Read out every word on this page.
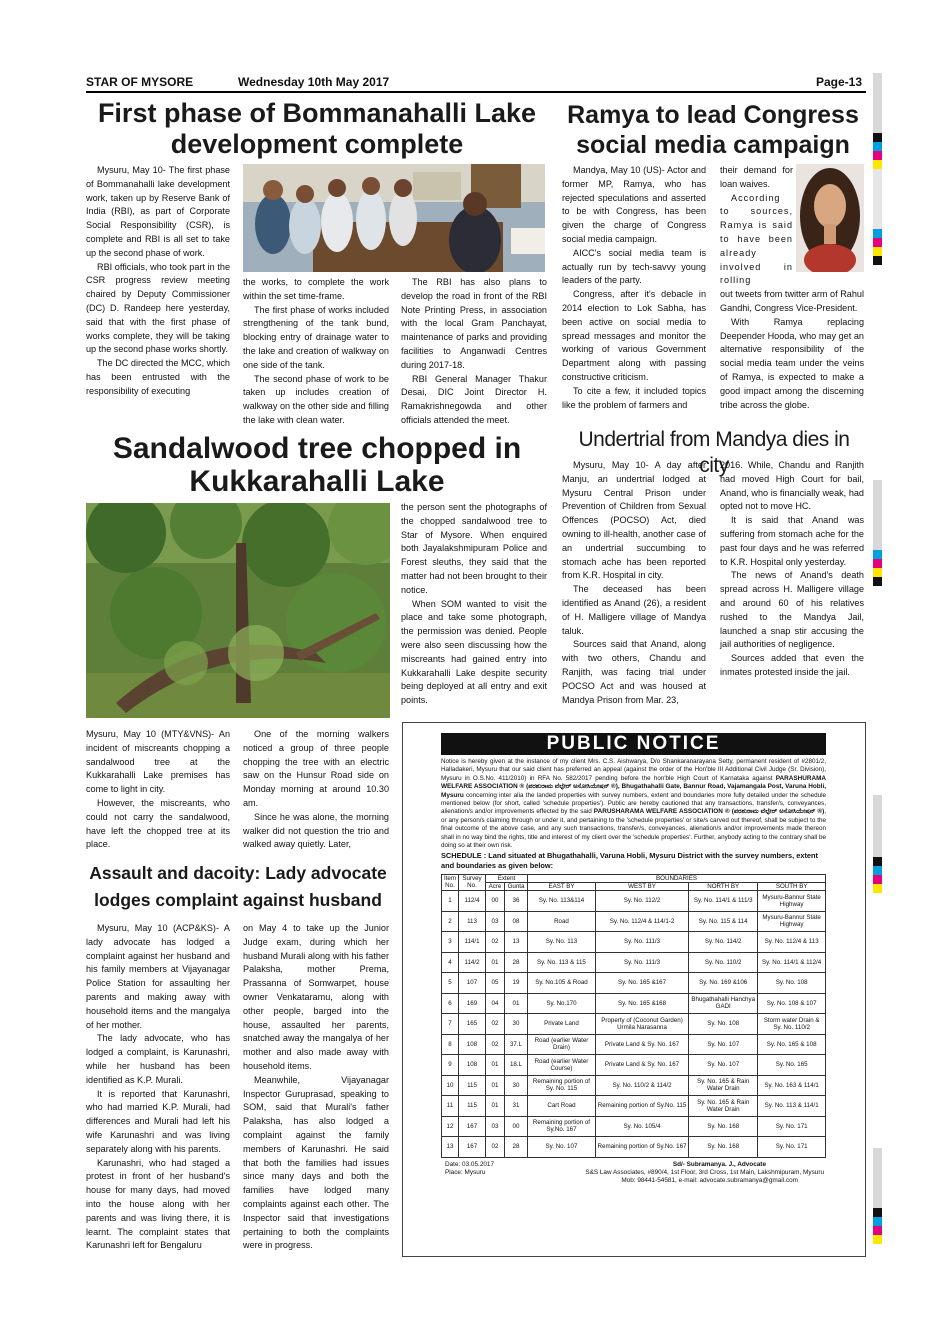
STAR OF MYSORE	Wednesday 10th May 2017	Page-13
First phase of Bommanahalli Lake
development complete

Mysuru, May 10- The first phase of Bommanahalli lake development work, taken up by Reserve Bank of India (RBI), as part of Corporate Social Responsibility (CSR), is complete and RBI is all set to take up the second phase of work.

RBI officials, who took part in the CSR progress review meeting chaired by Deputy Commissioner (DC) D. Randeep here yesterday, said that with the first phase of works complete, they will be taking up the second phase works shortly.

The DC directed the MCC, which has been entrusted with the responsibility of executing

the works, to complete the work within the set time-frame.

The first phase of works included strengthening of the tank bund, blocking entry of drainage water to the lake and creation of walkway on one side of the tank.

The second phase of work to be taken up includes creation of walkway on the other side and filling the lake with clean water.

The RBI has also plans to develop the road in front of the RBI Note Printing Press, in association with the local Gram Panchayat, maintenance of parks and providing facilities to Anganwadi Centres during 2017-18.

RBI General Manager Thakur Desai, DIC Joint Director H. Ramakrishnegowda and other officials attended the meet.

Ramya to lead Congress
social media campaign

Mandya, May 10 (US)- Actor and former MP, Ramya, who has rejected speculations and asserted to be with Congress, has been given the charge of Congress social media campaign.

AICC's social media team is actually run by tech-savvy young leaders of the party.

Congress, after it's debacle in 2014 election to Lok Sabha, has been active on social media to spread messages and monitor the working of various Government Department along with passing constructive criticism.

To cite a few, it included topics like the problem of farmers and

their demand for loan waives.

According to sources, Ramya is said to have been already involved in rolling

out tweets from twitter arm of Rahul Gandhi, Congress Vice-President.

With Ramya replacing Deepender Hooda, who may get an alternative responsibility of the social media team under the veins of Ramya, is expected to make a good impact among the discerning tribe across the globe.

Sandalwood tree chopped in
Kukkarahalli Lake

the person sent the photographs of the chopped sandalwood tree to Star of Mysore. When enquired both Jayalakshmipuram Police and Forest sleuths, they said that the matter had not been brought to their notice.

When SOM wanted to visit the place and take some photograph, the permission was denied. People were also seen discussing how the miscreants had gained entry into Kukkarahalli Lake despite security being deployed at all entry and exit points.

Mysuru, May 10 (MTY&VNS)- An incident of miscreants chopping a sandalwood tree at the Kukkarahalli Lake premises has come to light in city.

However, the miscreants, who could not carry the sandalwood, have left the chopped tree at its place.

One of the morning walkers noticed a group of three people chopping the tree with an electric saw on the Hunsur Road side on Monday morning at around 10.30 am.

Since he was alone, the morning walker did not question the trio and walked away quietly. Later,

Undertrial from Mandya dies in city

Mysuru, May 10- A day after Manju, an undertrial lodged at Mysuru Central Prison under Prevention of Children from Sexual Offences (POCSO) Act, died owning to ill-health, another case of an undertrial succumbing to stomach ache has been reported from K.R. Hospital in city.

The deceased has been identified as Anand (26), a resident of H. Malligere village of Mandya taluk.

Sources said that Anand, along with two others, Chandu and Ranjith, was facing trial under POCSO Act and was housed at Mandya Prison from Mar. 23,

2016. While, Chandu and Ranjith had moved High Court for bail, Anand, who is financially weak, had opted not to move HC.

It is said that Anand was suffering from stomach ache for the past four days and he was referred to K.R. Hospital only yesterday.

The news of Anand's death spread across H. Malligere village and around 60 of his relatives rushed to the Mandya Jail, launched a snap stir accusing the jail authorities of negligence.

Sources added that even the inmates protested inside the jail.

Assault and dacoity: Lady advocate
lodges complaint against husband

Mysuru, May 10 (ACP&KS)- A lady advocate has lodged a complaint against her husband and his family members at Vijayanagar Police Station for assaulting her parents and making away with household items and the mangalya of her mother.

The lady advocate, who has lodged a complaint, is Karunashri, while her husband has been identified as K.P. Murali.

It is reported that Karunashri, who had married K.P. Murali, had differences and Murali had left his wife Karunashri and was living separately along with his parents.

Karunashri, who had staged a protest in front of her husband's house for many days, had moved into the house along with her parents and was living there, it is learnt. The complaint states that Karunashri left for Bengaluru

on May 4 to take up the Junior Judge exam, during which her husband Murali along with his father Palaksha, mother Prema, Prassanna of Somwarpet, house owner Venkataramu, along with other people, barged into the house, assaulted her parents, snatched away the mangalya of her mother and also made away with household items.

Meanwhile, Vijayanagar Inspector Guruprasad, speaking to SOM, said that Murali's father Palaksha, has also lodged a complaint against the family members of Karunashri. He said that both the families had issues since many days and both the families have lodged many complaints against each other. The Inspector said that investigations pertaining to both the complaints were in progress.

PUBLIC NOTICE
Notice is hereby given at the instance of my client Mrs. C.S. Aishwarya, D/o Shankaranarayana Setty, permanent resident of #2801/2, Halladakeri, Mysuru that our said client has preferred an appeal (against the order of the Hon'ble III Additional Civil Judge (Sr. Division), Mysuru in O.S.No. 411/2010) in RFA No. 582/2017 pending before the hon'ble High Court of Karnataka against PARASHURAMA WELFARE ASSOCIATION ® (ಪರಶುರಾಮ ವೆಲ್ಫೇರ್ ಅಸೋಸಿಯೇಷನ್ ®), Bhugathahalli Gate, Bannur Road, Vajamangala Post, Varuna Hobli, Mysuru concerning inter alia the landed properties with survey numbers, extent and boundaries more fully detailed under the schedule mentioned below (for short, called 'schedule properties'). Public are hereby cautioned that any transactions, transfer/s, conveyances, alienation/s and/or improvements effected by the said PARUSHARAMA WELFARE ASSOCIATION ® (ಪರಶುರಾಮ ವೆಲ್ಫೇರ್ ಅಸೋಸಿಯೇಷನ್ ®), or any person/s claiming through or under it, and pertaining to the 'schedule properties' or site/s carved out thereof, shall be subject to the final outcome of the above case, and any such transactions, transfer/s, conveyances, alienation/s and/or improvements made thereon shall in no way bind the rights, title and interest of my client over the 'schedule properties'. Further, anybody acting to the contrary shall be doing so at their own risk.
SCHEDULE : Land situated at Bhugathahalli, Varuna Hobli, Mysuru District with the survey numbers, extent and boundaries as given below:
Item No.	Survey No.	Extent		BOUNDARIES			
		Acre	Gunta	EAST BY	WEST BY	NORTH BY	SOUTH BY
1	112/4	00	36	Sy. No. 113&114	Sy. No. 112/2	Sy. No. 114/1 & 111/3	Mysuru-Bannur State Highway
2	113	03	08	Road	Sy. No. 112/4 & 114/1-2	Sy. No. 115 & 114	Mysuru-Bannur State Highway
3	114/1	02	13	Sy. No. 113	Sy. No. 111/3	Sy. No. 114/2	Sy. No. 112/4 & 113
4	114/2	01	28	Sy. No. 113 & 115	Sy. No. 111/3	Sy. No. 110/2	Sy. No. 114/1 & 112/4
5	107	05	19	Sy. No.105 & Road	Sy. No. 165 &167	Sy. No. 169 &106	Sy. No. 108
6	169	04	01	Sy. No.170	Sy. No. 165 &168	Bhugathahalli Hanchya GADI	Sy. No. 108 & 107
7	165	02	30	Private Land	Property of (Coconut Garden) Urmila Narasanna	Sy. No. 108	Storm water Drain & Sy. No. 110/2
8	108	02	37.L	Road (earlier Water Drain)	Private Land & Sy. No. 167	Sy. No. 107	Sy. No. 165 & 108
9	108	01	18.L	Road (earlier Water Course)	Private Land & Sy. No. 167	Sy. No. 107	Sy. No. 165
10	115	01	30	Remaining portion of Sy. No. 115	Sy. No. 110/2 & 114/2	Sy. No. 165 & Rain Water Drain	Sy. No. 163 & 114/1
11	115	01	31	Cart Road	Remaining portion of Sy.No. 115	Sy. No. 165 & Rain Water Drain	Sy. No. 113 & 114/1
12	167	03	00	Remaining portion of Sy.No. 167	Sy. No. 105/4	Sy. No. 168	Sy. No. 171
13	167	02	28	Sy. No. 107	Remaining portion of Sy.No. 167	Sy. No. 168	Sy. No. 171
Date: 03.05.2017
Place: Mysuru
Sd/- Subramanya. J., Advocate
S&S Law Associates, #890/4, 1st Floor, 3rd Cross, 1st Main, Lakshmipuram, Mysuru
Mob: 98441-54581, e-mail: advocate.subramanya@gmail.com
